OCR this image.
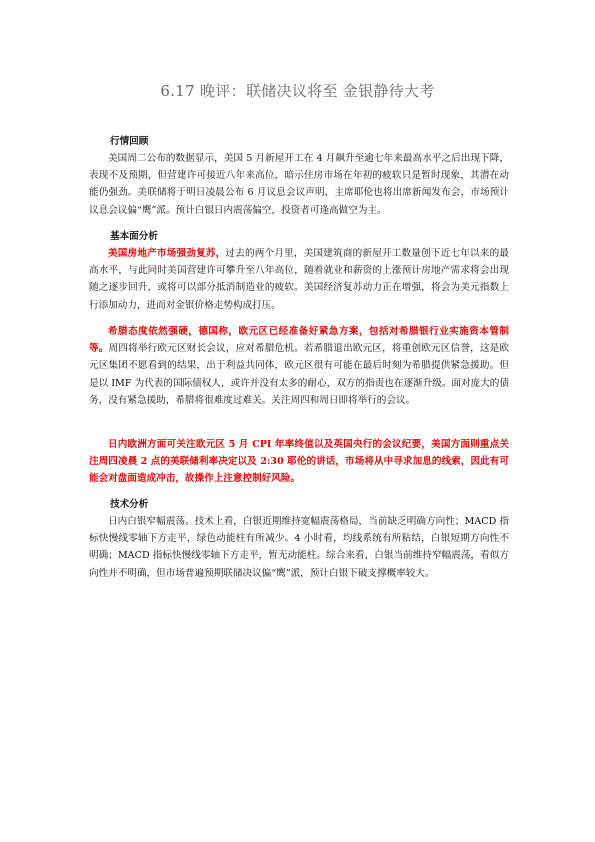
6.17 晚评：联储决议将至 金银静待大考
行情回顾

美国周二公布的数据显示，美国 5 月新屋开工在 4 月飙升至逾七年来最高水平之后出现下降，表现不及预期，但营建许可接近八年来高位，暗示住房市场在年初的疲软只是暂时现象，其潜在动能仍强劲。美联储将于明日凌晨公布 6 月议息会议声明，主席耶伦也将出席新闻发布会，市场预计议息会议偏“鹰”派。预计白银日内震荡偏空，投资者可逢高做空为主。

基本面分析

美国房地产市场强劲复苏，过去的两个月里，美国建筑商的新屋开工数量创下近七年以来的最高水平，与此同时美国营建许可攀升至八年高位，随着就业和薪资的上涨预计房地产需求将会出现随之逐步回升，或将可以部分抵消制造业的疲软。美国经济复苏动力正在增强，将会为美元指数上行添加动力，进而对金银价格走势构成打压。

希腊态度依然强硬，德国称，欧元区已经准备好紧急方案，包括对希腊银行业实施资本管制等。周四将举行欧元区财长会议，应对希腊危机。若希腊退出欧元区，将重创欧元区信誉，这是欧元区集团不愿看到的结果，出于利益共同体，欧元区很有可能在最后时刻为希腊提供紧急援助。但是以 IMF 为代表的国际债权人，或许并没有太多的耐心，双方的指责也在逐渐升级。面对庞大的债务，没有紧急援助，希腊将很难度过难关。关注周四和周日即将举行的会议。

日内欧洲方面可关注欧元区 5 月 CPI 年率终值以及英国央行的会议纪要，美国方面则重点关注周四凌晨 2 点的美联储利率决定以及 2:30 耶伦的讲话，市场将从中寻求加息的线索，因此有可能会对盘面造成冲击，故操作上注意控制好风险。

技术分析

日内白银窄幅震荡。技术上看，白银近期维持宽幅震荡格局，当前缺乏明确方向性；MACD 指标快慢线零轴下方走平，绿色动能柱有所减少。4 小时看，均线系统有所粘结，白银短期方向性不明确；MACD 指标快慢线零轴下方走平，暂无动能柱。综合来看，白银当前维持窄幅震荡，看似方向性并不明确，但市场普遍预期联储决议偏“鹰”派，预计白银下破支撑概率较大。
